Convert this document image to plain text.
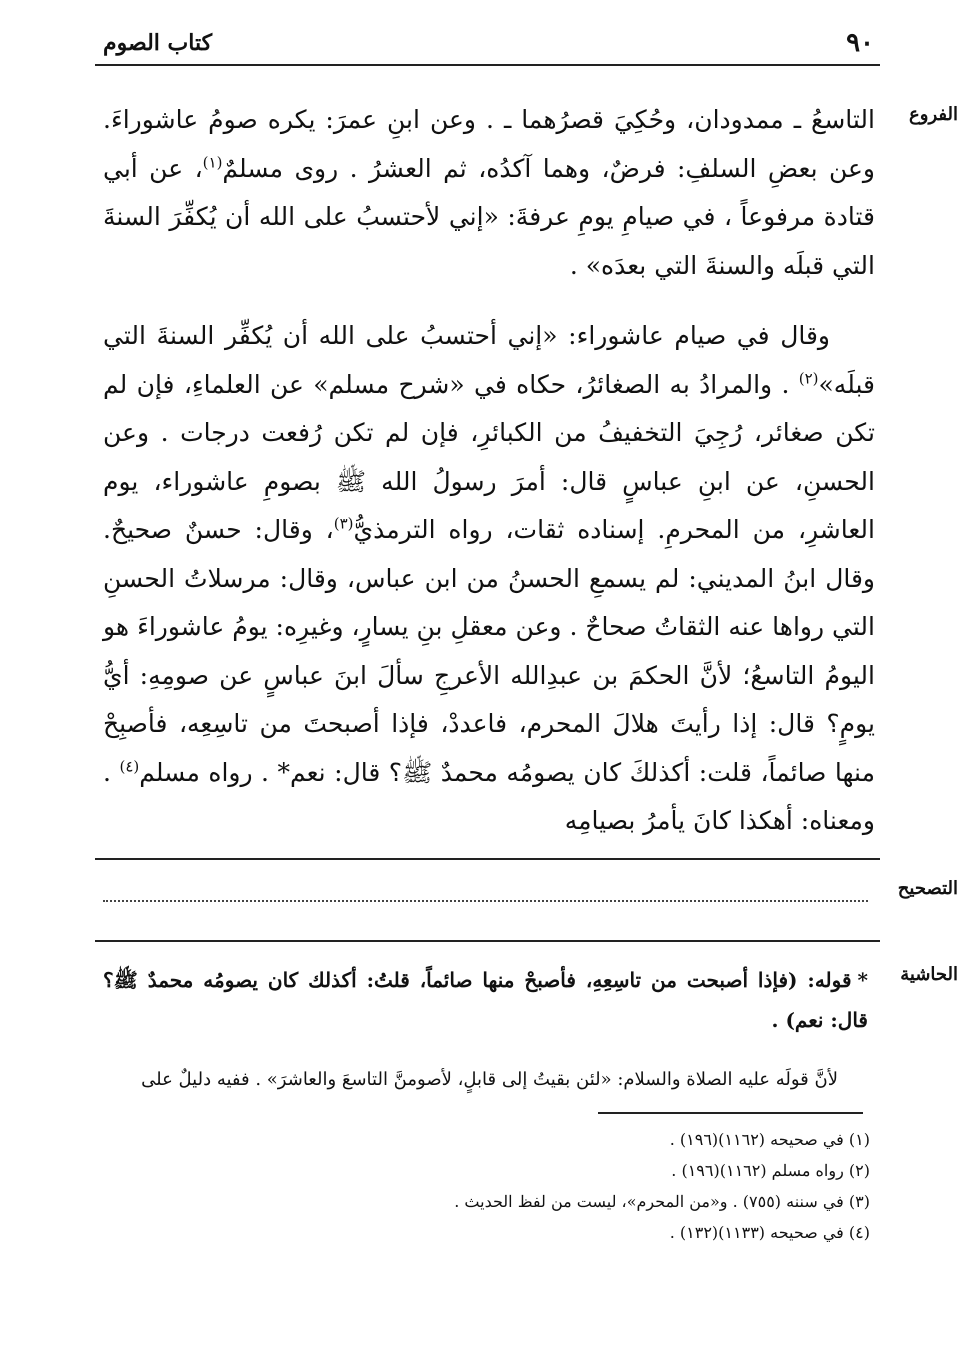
٩٠
كتاب الصوم
الفروع

التاسعُ ـ ممدودان، وحُكِيَ قصرُهما ـ . وعن ابنِ عمرَ: يكره صومُ عاشوراءَ. وعن بعضِ السلفِ: فرضٌ، وهما آكدُه، ثم العشرُ . روى مسلمٌ$^{(١)}$، عن أبي قتادة مرفوعاً ، في صيامِ يومِ عرفةَ: «إني لأحتسبُ على الله أن يُكفِّرَ السنةَ التي قبلَه والسنةَ التي بعدَه» .

وقال في صيام عاشوراء: «إني أحتسبُ على الله أن يُكفِّر السنةَ التي قبلَه»$^{(٢)}$ . والمرادُ به الصغائرُ، حكاه في «شرح مسلم» عن العلماءِ، فإن لم تكن صغائر، رُجِيَ التخفيفُ من الكبائرِ، فإن لم تكن رُفعت درجات . وعن الحسنِ، عن ابنِ عباسٍ قال: أمرَ رسولُ الله ﷺ بصومِ عاشوراء، يوم العاشرِ، من المحرمِ. إسناده ثقات، رواه الترمذيُّ$^{(٣)}$، وقال: حسنٌ صحيحٌ. وقال ابنُ المديني: لم يسمعِ الحسنُ من ابن عباس، وقال: مرسلاتُ الحسنِ التي رواها عنه الثقاتُ صحاحٌ . وعن معقلِ بنِ يسارٍ، وغيرِه: يومُ عاشوراءَ هو اليومُ التاسعُ؛ لأنَّ الحكمَ بن عبدِالله الأعرجِ سألَ ابنَ عباسٍ عن صومِهِ: أيُّ يومٍ؟ قال: إذا رأيتَ هلالَ المحرم، فاعددْ، فإذا أصبحتَ من تاسِعِه، فأصبِحْ منها صائماً، قلت: أكذلكَ كان يصومُه محمدٌ ﷺ؟ قال: نعم* . رواه مسلم$^{(٤)}$ . ومعناه: أهكذا كانَ يأمرُ بصيامِه

التصحيح
الحاشية
*قوله: (فإذا أصبحت من تاسِعِهِ، فأصبحْ منها صائماً، قلتُ: أكذلك كان يصومُه محمدٌ ﷺ؟ قال: نعم) .
لأنَّ قولَه عليه الصلاة والسلام: «لئن بقيتُ إلى قابلٍ، لأصومنَّ التاسعَ والعاشرَ» . ففيه دليلٌ على

(١) في صحيحه (١١٦٢)(١٩٦) .

(٢) رواه مسلم (١١٦٢)(١٩٦) .

(٣) في سننه (٧٥٥) . و«من المحرم»، ليست من لفظ الحديث .

(٤) في صحيحه (١١٣٣)(١٣٢) .
